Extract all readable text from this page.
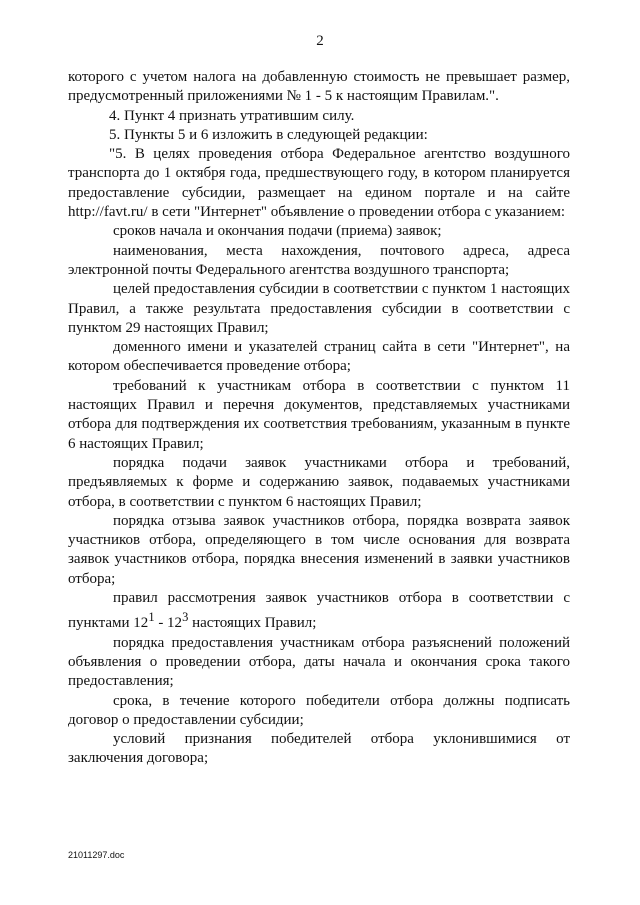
2

которого с учетом налога на добавленную стоимость не превышает размер, предусмотренный приложениями № 1 - 5 к настоящим Правилам.".

4. Пункт 4 признать утратившим силу.

5. Пункты 5 и 6 изложить в следующей редакции:

"5. В целях проведения отбора Федеральное агентство воздушного транспорта до 1 октября года, предшествующего году, в котором планируется предоставление субсидии, размещает на едином портале и на сайте http://favt.ru/ в сети "Интернет" объявление о проведении отбора с указанием:

сроков начала и окончания подачи (приема) заявок;

наименования, места нахождения, почтового адреса, адреса электронной почты Федерального агентства воздушного транспорта;

целей предоставления субсидии в соответствии с пунктом 1 настоящих Правил, а также результата предоставления субсидии в соответствии с пунктом 29 настоящих Правил;

доменного имени и указателей страниц сайта в сети "Интернет", на котором обеспечивается проведение отбора;

требований к участникам отбора в соответствии с пунктом 11 настоящих Правил и перечня документов, представляемых участниками отбора для подтверждения их соответствия требованиям, указанным в пункте 6 настоящих Правил;

порядка подачи заявок участниками отбора и требований, предъявляемых к форме и содержанию заявок, подаваемых участниками отбора, в соответствии с пунктом 6 настоящих Правил;

порядка отзыва заявок участников отбора, порядка возврата заявок участников отбора, определяющего в том числе основания для возврата заявок участников отбора, порядка внесения изменений в заявки участников отбора;

правил рассмотрения заявок участников отбора в соответствии с пунктами $12^1 - 12^3$ настоящих Правил;

порядка предоставления участникам отбора разъяснений положений объявления о проведении отбора, даты начала и окончания срока такого предоставления;

срока, в течение которого победители отбора должны подписать договор о предоставлении субсидии;

условий признания победителей отбора уклонившимися от заключения договора;

21011297.doc
